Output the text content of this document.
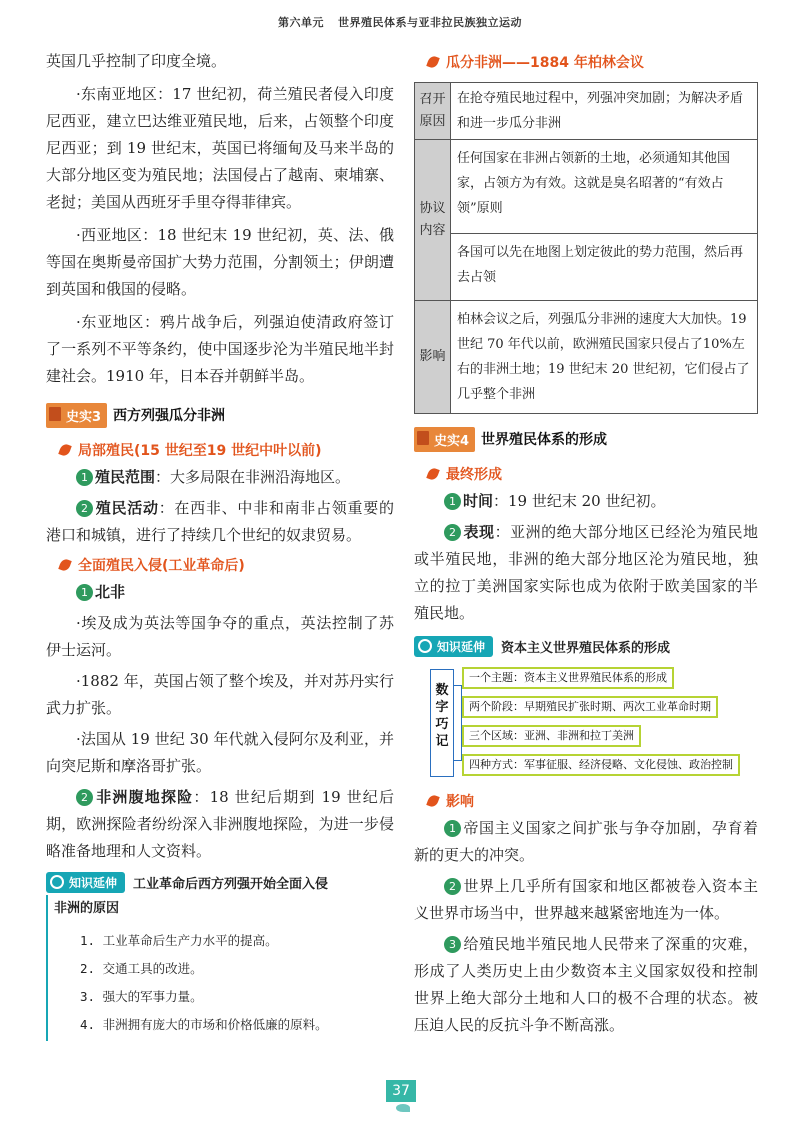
第六单元 世界殖民体系与亚非拉民族独立运动

英国几乎控制了印度全境。

·东南亚地区：17 世纪初，荷兰殖民者侵入印度尼西亚，建立巴达维亚殖民地，后来，占领整个印度尼西亚；到 19 世纪末，英国已将缅甸及马来半岛的大部分地区变为殖民地；法国侵占了越南、柬埔寨、老挝；美国从西班牙手里夺得菲律宾。

·西亚地区：18 世纪末 19 世纪初，英、法、俄等国在奥斯曼帝国扩大势力范围，分割领土；伊朗遭到英国和俄国的侵略。

·东亚地区：鸦片战争后，列强迫使清政府签订了一系列不平等条约，使中国逐步沦为半殖民地半封建社会。1910 年，日本吞并朝鲜半岛。

史实3 西方列强瓜分非洲
局部殖民(15 世纪至19 世纪中叶以前)

1 殖民范围：大多局限在非洲沿海地区。

2 殖民活动：在西非、中非和南非占领重要的港口和城镇，进行了持续几个世纪的奴隶贸易。

全面殖民入侵(工业革命后)

1 北非

·埃及成为英法等国争夺的重点，英法控制了苏伊士运河。

·1882 年，英国占领了整个埃及，并对苏丹实行武力扩张。

·法国从 19 世纪 30 年代就入侵阿尔及利亚，并向突尼斯和摩洛哥扩张。

2 非洲腹地探险：18 世纪后期到 19 世纪后期，欧洲探险者纷纷深入非洲腹地探险，为进一步侵略准备地理和人文资料。

知识延伸 工业革命后西方列强开始全面入侵
非洲的原因
1. 工业革命后生产力水平的提高。
2. 交通工具的改进。
3. 强大的军事力量。
4. 非洲拥有庞大的市场和价格低廉的原料。
瓜分非洲——1884 年柏林会议
召开原因	在抢夺殖民地过程中，列强冲突加剧；为解决矛盾和进一步瓜分非洲
协议内容	任何国家在非洲占领新的土地，必须通知其他国家，占领方为有效。这就是臭名昭著的“有效占领”原则
	各国可以先在地图上划定彼此的势力范围，然后再去占领
影响	柏林会议之后，列强瓜分非洲的速度大大加快。19 世纪 70 年代以前，欧洲殖民国家只侵占了10%左右的非洲土地；19 世纪末 20 世纪初，它们侵占了几乎整个非洲
史实4 世界殖民体系的形成
最终形成

1 时间：19 世纪末 20 世纪初。

2 表现：亚洲的绝大部分地区已经沦为殖民地或半殖民地，非洲的绝大部分地区沦为殖民地，独立的拉丁美洲国家实际也成为依附于欧美国家的半殖民地。

知识延伸 资本主义世界殖民体系的形成
数字巧记
一个主题：资本主义世界殖民体系的形成
两个阶段：早期殖民扩张时期、两次工业革命时期
三个区域：亚洲、非洲和拉丁美洲
四种方式：军事征服、经济侵略、文化侵蚀、政治控制
影响

1 帝国主义国家之间扩张与争夺加剧，孕育着新的更大的冲突。

2 世界上几乎所有国家和地区都被卷入资本主义世界市场当中，世界越来越紧密地连为一体。

3 给殖民地半殖民地人民带来了深重的灾难，形成了人类历史上由少数资本主义国家奴役和控制世界上绝大部分土地和人口的极不合理的状态。被压迫人民的反抗斗争不断高涨。

37
